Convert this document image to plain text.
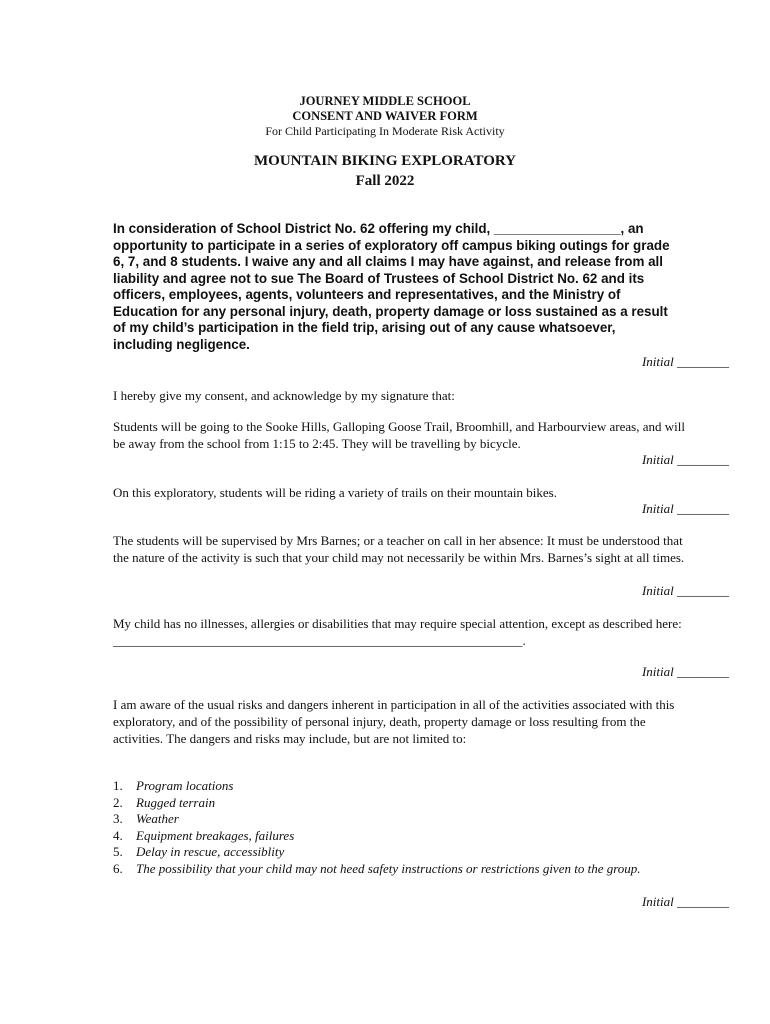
JOURNEY MIDDLE SCHOOL
CONSENT AND WAIVER FORM
For Child Participating In Moderate Risk Activity
MOUNTAIN BIKING EXPLORATORY
Fall 2022
In consideration of School District No. 62 offering my child, _________________, an opportunity to participate in a series of exploratory off campus biking outings for grade 6, 7, and 8 students. I waive any and all claims I may have against, and release from all liability and agree not to sue The Board of Trustees of School District No. 62 and its officers, employees, agents, volunteers and representatives, and the Ministry of Education for any personal injury, death, property damage or loss sustained as a result of my child’s participation in the field trip, arising out of any cause whatsoever, including negligence.
Initial ________
I hereby give my consent, and acknowledge by my signature that:
Students will be going to the Sooke Hills, Galloping Goose Trail, Broomhill, and Harbourview areas, and will be away from the school from 1:15 to 2:45. They will be travelling by bicycle.
Initial ________
On this exploratory, students will be riding a variety of trails on their mountain bikes.
Initial ________
The students will be supervised by Mrs Barnes; or a teacher on call in her absence: It must be understood that the nature of the activity is such that your child may not necessarily be within Mrs. Barnes’s sight at all times.
Initial ________
My child has no illnesses, allergies or disabilities that may require special attention, except as described here: _______________________________________________________________.
Initial ________
I am aware of the usual risks and dangers inherent in participation in all of the activities associated with this exploratory, and of the possibility of personal injury, death, property damage or loss resulting from the activities. The dangers and risks may include, but are not limited to:
1.	Program locations
2.	Rugged terrain
3.	Weather
4.	Equipment breakages, failures
5.	Delay in rescue, accessiblity
6.	The possibility that your child may not heed safety instructions or restrictions given to the group.
Initial ________
